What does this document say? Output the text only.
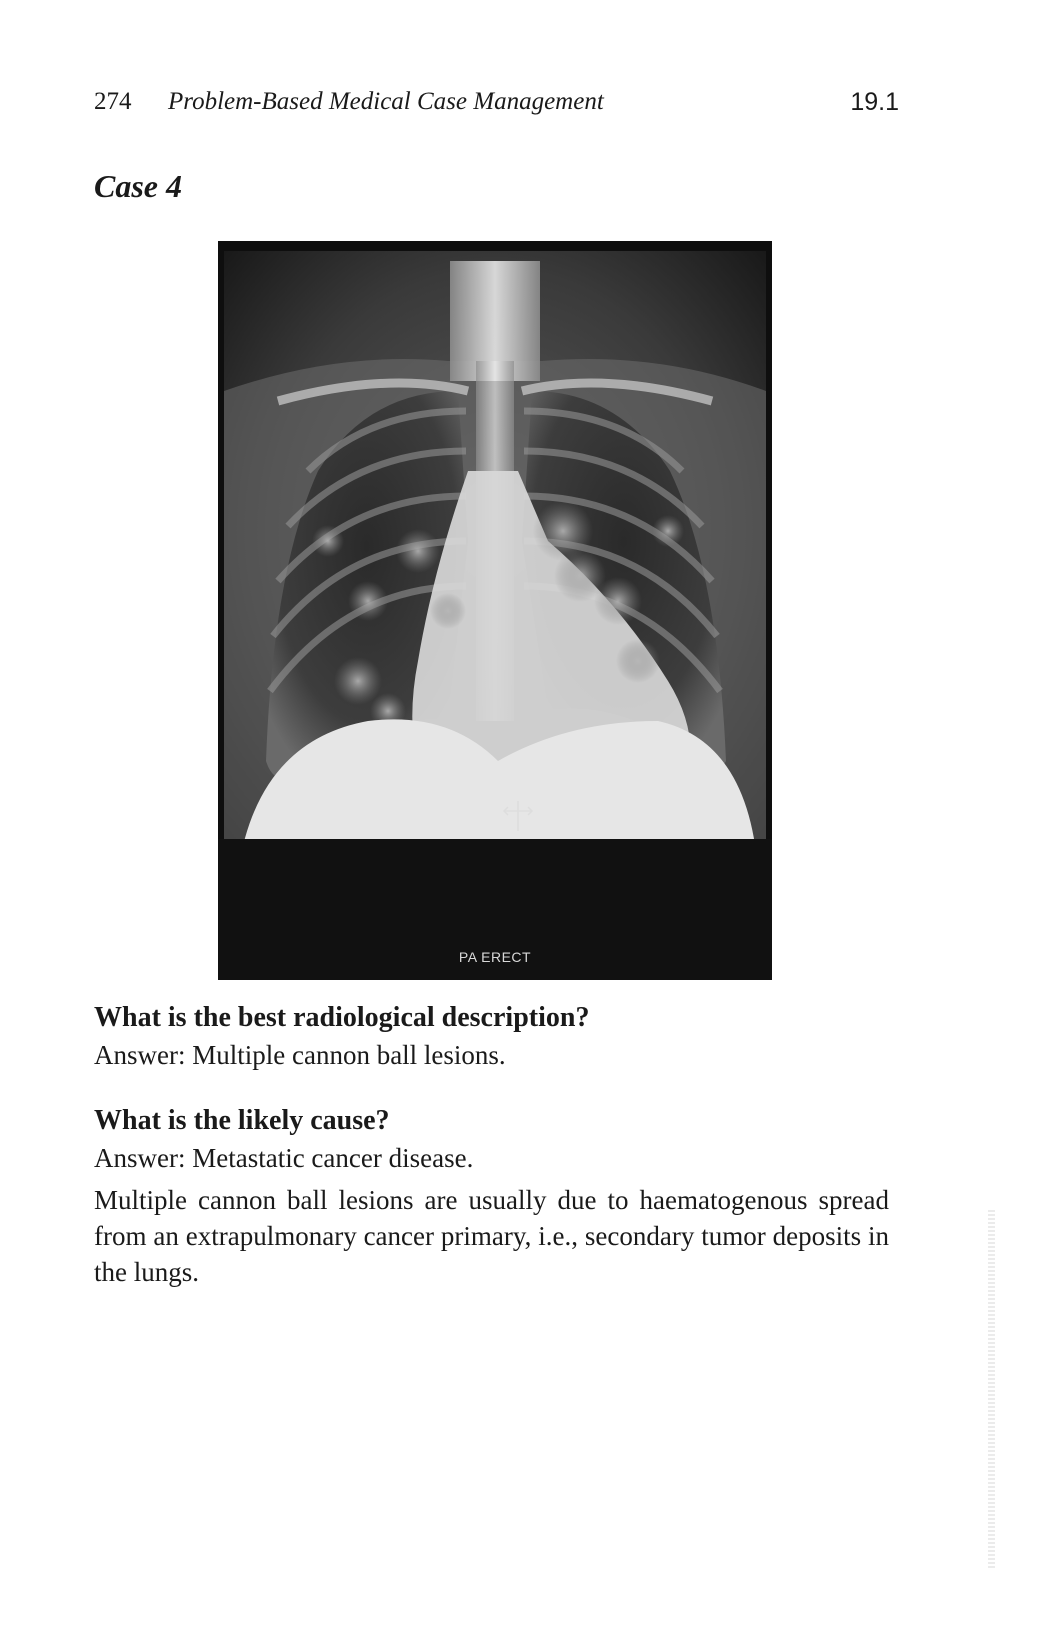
274 Problem-Based Medical Case Management	19.1
Case 4
PA ERECT
What is the best radiological description?
Answer: Multiple cannon ball lesions.
What is the likely cause?
Answer: Metastatic cancer disease.
Multiple cannon ball lesions are usually due to haematogenous spread from an extrapulmonary cancer primary, i.e., secondary tumor deposits in the lungs.
